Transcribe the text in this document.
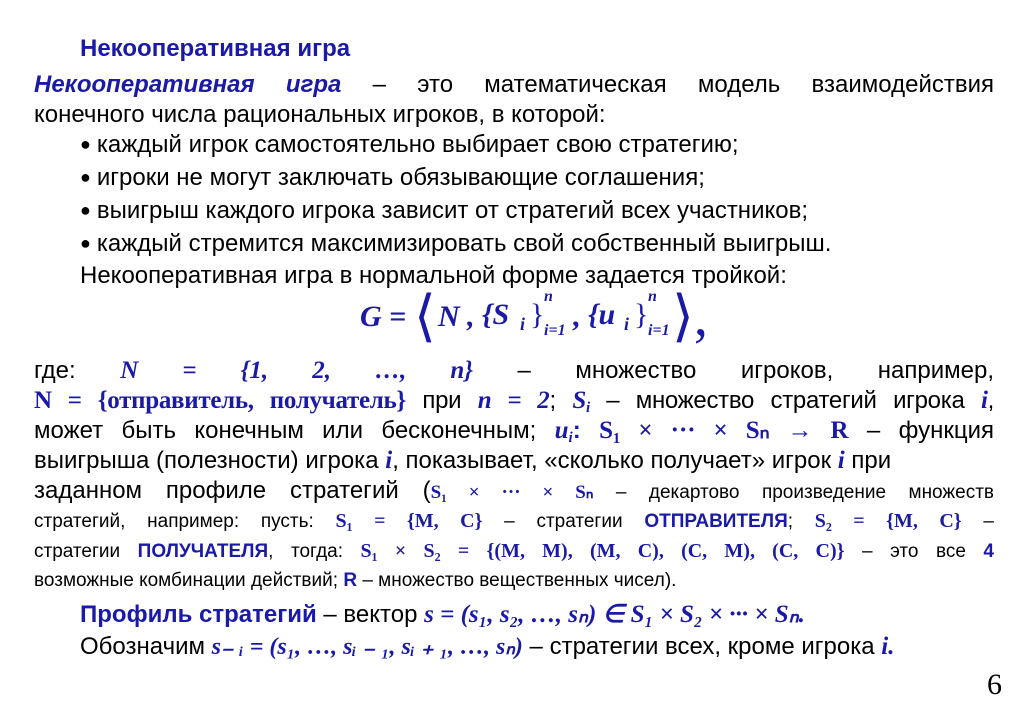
Некооперативная игра
Некооперативная игра – это математическая модель взаимодействия
конечного числа рациональных игроков, в которой:
● каждый игрок самостоятельно выбирает свою стратегию;
● игроки не могут заключать обязывающие соглашения;
● выигрыш каждого игрока зависит от стратегий всех участников;
● каждый стремится максимизировать свой собственный выигрыш.
Некооперативная игра в нормальной форме задается тройкой:
G = ⟨ N , {S i }
n
i=1 , {u i }
n
i=1 ⟩,
где: N = {1, 2, …, n} – множество игроков, например,
N = {отправитель, получатель} при n = 2; $S_i$ – множество стратегий игрока i,
может быть конечным или бесконечным; $u_i$: S₁ × ··· × Sₙ → R – функция
выигрыша (полезности) игрока i, показывает, «сколько получает» игрок i при
заданном профиле стратегий (S₁ × ··· × Sₙ – декартово произведение множеств
стратегий, например: пусть: S₁ = {M, C} – стратегии ОТПРАВИТЕЛЯ; S₂ = {M, C} –
стратегии ПОЛУЧАТЕЛЯ, тогда: S₁ × S₂ = {(M, M), (M, C), (C, M), (C, C)} – это все 4
возможные комбинации действий; R – множество вещественных чисел).
Профиль стратегий – вектор s = (s₁, s₂, …, sₙ) ∈ S₁ × S₂ × ··· × Sₙ.
Обозначим s₋ ᵢ = (s₁, …, sᵢ ₋ ₁, sᵢ ₊ ₁, …, sₙ) – стратегии всех, кроме игрока i.
6
